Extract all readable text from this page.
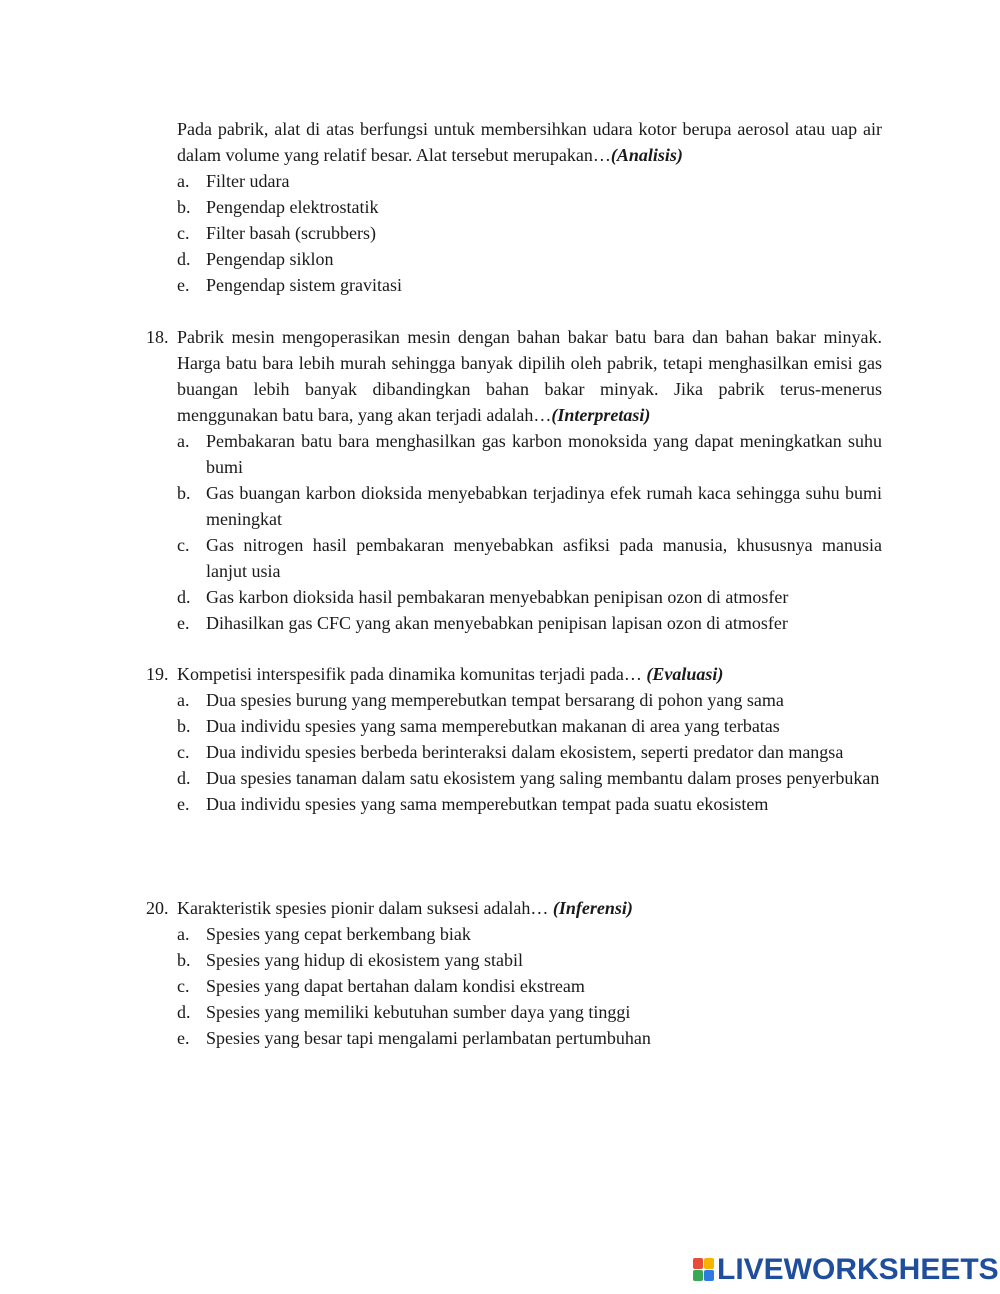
Pada pabrik, alat di atas berfungsi untuk membersihkan udara kotor berupa aerosol atau uap air dalam volume yang relatif besar. Alat tersebut merupakan…(Analisis)
a. Filter udara
b. Pengendap elektrostatik
c. Filter basah (scrubbers)
d. Pengendap siklon
e. Pengendap sistem gravitasi
18. Pabrik mesin mengoperasikan mesin dengan bahan bakar batu bara dan bahan bakar minyak. Harga batu bara lebih murah sehingga banyak dipilih oleh pabrik, tetapi menghasilkan emisi gas buangan lebih banyak dibandingkan bahan bakar minyak. Jika pabrik terus-menerus menggunakan batu bara, yang akan terjadi adalah…(Interpretasi)
a. Pembakaran batu bara menghasilkan gas karbon monoksida yang dapat meningkatkan suhu bumi
b. Gas buangan karbon dioksida menyebabkan terjadinya efek rumah kaca sehingga suhu bumi meningkat
c. Gas nitrogen hasil pembakaran menyebabkan asfiksi pada manusia, khususnya manusia lanjut usia
d. Gas karbon dioksida hasil pembakaran menyebabkan penipisan ozon di atmosfer
e. Dihasilkan gas CFC yang akan menyebabkan penipisan lapisan ozon di atmosfer
19. Kompetisi interspesifik pada dinamika komunitas terjadi pada… (Evaluasi)
a. Dua spesies burung yang memperebutkan tempat bersarang di pohon yang sama
b. Dua individu spesies yang sama memperebutkan makanan di area yang terbatas
c. Dua individu spesies berbeda berinteraksi dalam ekosistem, seperti predator dan mangsa
d. Dua spesies tanaman dalam satu ekosistem yang saling membantu dalam proses penyerbukan
e. Dua individu spesies yang sama memperebutkan tempat pada suatu ekosistem
20. Karakteristik spesies pionir dalam suksesi adalah… (Inferensi)
a. Spesies yang cepat berkembang biak
b. Spesies yang hidup di ekosistem yang stabil
c. Spesies yang dapat bertahan dalam kondisi ekstream
d. Spesies yang memiliki kebutuhan sumber daya yang tinggi
e. Spesies yang besar tapi mengalami perlambatan pertumbuhan
LIVEWORKSHEETS
